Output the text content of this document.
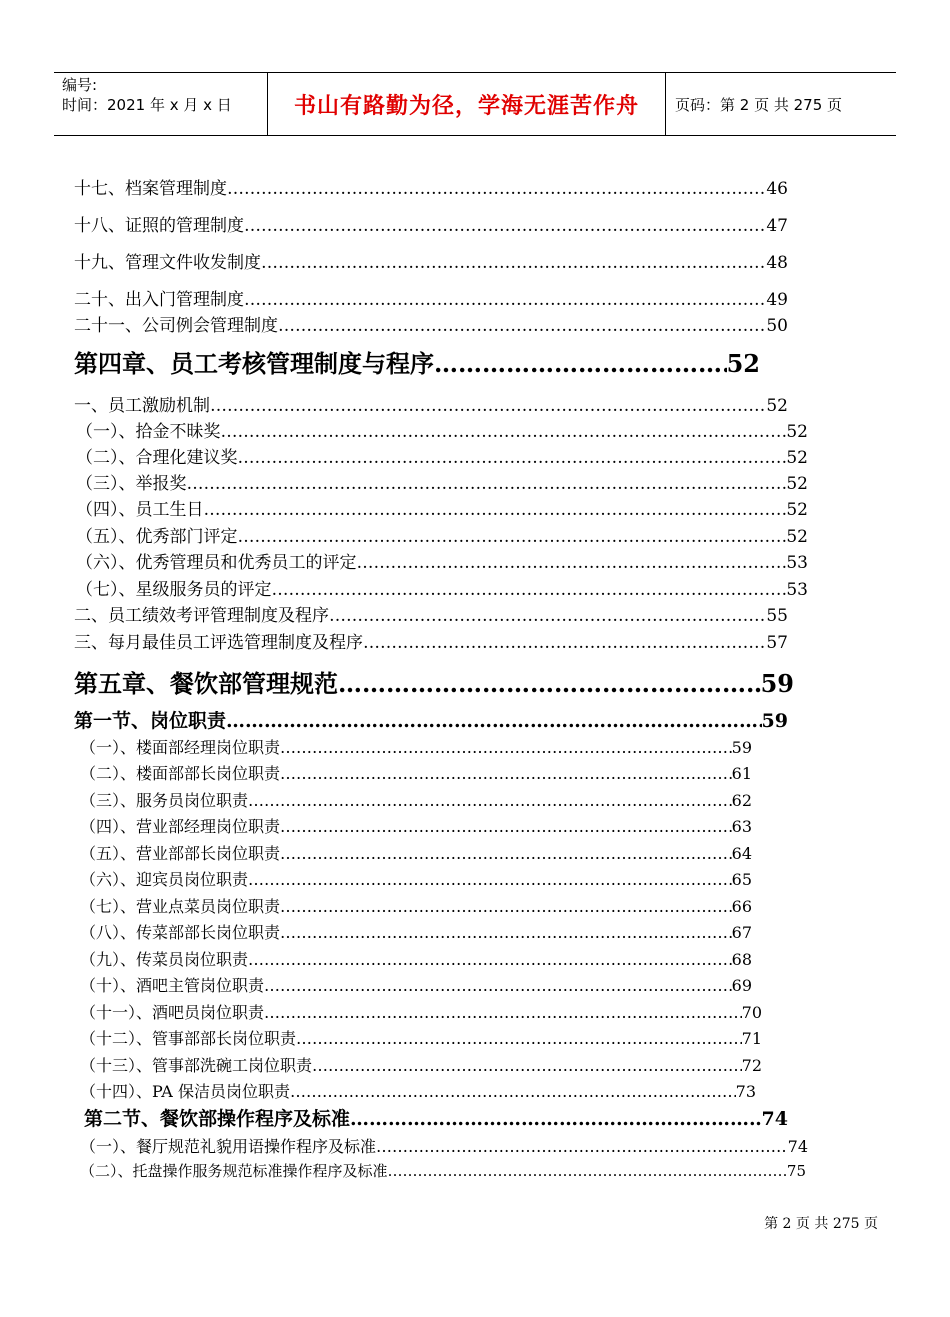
编号:
时间：2021 年 x 月 x 日	书山有路勤为径，学海无涯苦作舟 页码：第 2 页 共 275 页
十七、档案管理制度 …………………………………………………………………………………………………………………………………………………………………	46
十八、证照的管理制度 …………………………………………………………………………………………………………………………………………………………………	47
十九、管理文件收发制度 …………………………………………………………………………………………………………………………………………………………………	48
二十、出入门管理制度 …………………………………………………………………………………………………………………………………………………………………	49
二十一、公司例会管理制度 …………………………………………………………………………………………………………………………………………………………………	50
第四章、员工考核管理制度与程序 …………………………………………………………………………………………………………………………………………………………………	52
一、员工激励机制 …………………………………………………………………………………………………………………………………………………………………	52
（一）、拾金不昧奖 …………………………………………………………………………………………………………………………………………………………………	52
（二）、合理化建议奖 …………………………………………………………………………………………………………………………………………………………………	52
（三）、举报奖 …………………………………………………………………………………………………………………………………………………………………	52
（四）、员工生日 …………………………………………………………………………………………………………………………………………………………………	52
（五）、优秀部门评定 …………………………………………………………………………………………………………………………………………………………………	52
（六）、优秀管理员和优秀员工的评定 …………………………………………………………………………………………………………………………………………………………………	53
（七）、星级服务员的评定 …………………………………………………………………………………………………………………………………………………………………	53
二、员工绩效考评管理制度及程序 …………………………………………………………………………………………………………………………………………………………………	55
三、每月最佳员工评选管理制度及程序 …………………………………………………………………………………………………………………………………………………………………	57
第五章、餐饮部管理规范 …………………………………………………………………………………………………………………………………………………………………	59
第一节、岗位职责 …………………………………………………………………………………………………………………………………………………………………	59
（一）、楼面部经理岗位职责 …………………………………………………………………………………………………………………………………………………………………	59
（二）、楼面部部长岗位职责 …………………………………………………………………………………………………………………………………………………………………	61
（三）、服务员岗位职责 …………………………………………………………………………………………………………………………………………………………………	62
（四）、营业部经理岗位职责 …………………………………………………………………………………………………………………………………………………………………	63
（五）、营业部部长岗位职责 …………………………………………………………………………………………………………………………………………………………………	64
（六）、迎宾员岗位职责 …………………………………………………………………………………………………………………………………………………………………	65
（七）、营业点菜员岗位职责 …………………………………………………………………………………………………………………………………………………………………	66
（八）、传菜部部长岗位职责 …………………………………………………………………………………………………………………………………………………………………	67
（九）、传菜员岗位职责 …………………………………………………………………………………………………………………………………………………………………	68
（十）、酒吧主管岗位职责 …………………………………………………………………………………………………………………………………………………………………	69
（十一）、酒吧员岗位职责 …………………………………………………………………………………………………………………………………………………………………	70
（十二）、管事部部长岗位职责 …………………………………………………………………………………………………………………………………………………………………	71
（十三）、管事部洗碗工岗位职责 …………………………………………………………………………………………………………………………………………………………………	72
（十四）、PA 保洁员岗位职责 …………………………………………………………………………………………………………………………………………………………………	73
第二节、餐饮部操作程序及标准 …………………………………………………………………………………………………………………………………………………………………	74
（一）、餐厅规范礼貌用语操作程序及标准 …………………………………………………………………………………………………………………………………………………………………	74
（二）、托盘操作服务规范标准操作程序及标准 …………………………………………………………………………………………………………………………………………………………………	75
第 2 页 共 275 页
